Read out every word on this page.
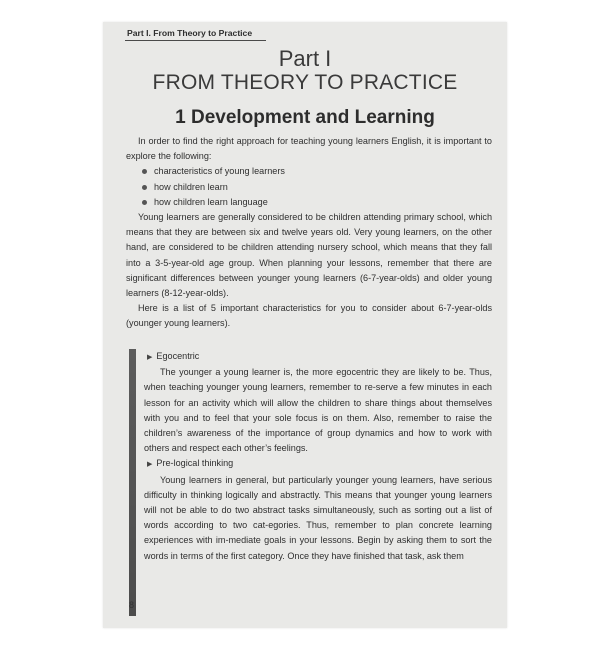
Part I. From Theory to Practice

Part I
FROM THEORY TO PRACTICE
1 Development and Learning

In order to find the right approach for teaching young learners English, it is important to explore the following:

characteristics of young learners
how children learn
how children learn language

Young learners are generally considered to be children attending primary school, which means that they are between six and twelve years old. Very young learners, on the other hand, are considered to be children attending nursery school, which means that they fall into a 3-5-year-old age group. When planning your lessons, remember that there are significant differences between younger young learners (6-7-year-olds) and older young learners (8-12-year-olds).

Here is a list of 5 important characteristics for you to consider about 6-7-year-olds (younger young learners).

▶ Egocentric

The younger a young learner is, the more egocentric they are likely to be. Thus, when teaching younger young learners, remember to re-serve a few minutes in each lesson for an activity which will allow the children to share things about themselves with you and to feel that your sole focus is on them. Also, remember to raise the children’s awareness of the importance of group dynamics and how to work with others and respect each other’s feelings.

▶ Pre-logical thinking

Young learners in general, but particularly younger young learners, have serious difficulty in thinking logically and abstractly. This means that younger young learners will not be able to do two abstract tasks simultaneously, such as sorting out a list of words according to two cat-egories. Thus, remember to plan concrete learning experiences with im-mediate goals in your lessons. Begin by asking them to sort the words in terms of the first category. Once they have finished that task, ask them

8
